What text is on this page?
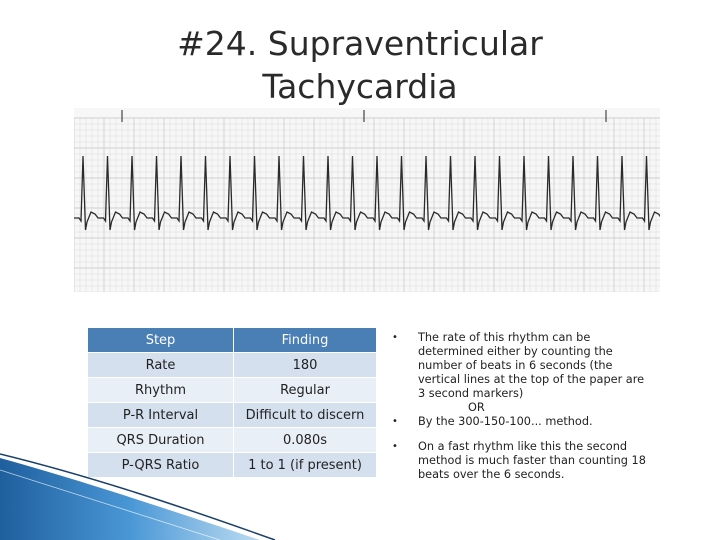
#24. Supraventricular
Tachycardia
Step	Finding
Rate	180
Rhythm	Regular
P-R Interval	Difficult to discern
QRS Duration	0.080s
P-QRS Ratio	1 to 1 (if present)
• The rate of this rhythm can be determined either by counting the number of beats in 6 seconds (the vertical lines at the top of the paper are 3 second markers)
OR
• By the 300-150-100... method.
• On a fast rhythm like this the second method is much faster than counting 18 beats over the 6 seconds.
